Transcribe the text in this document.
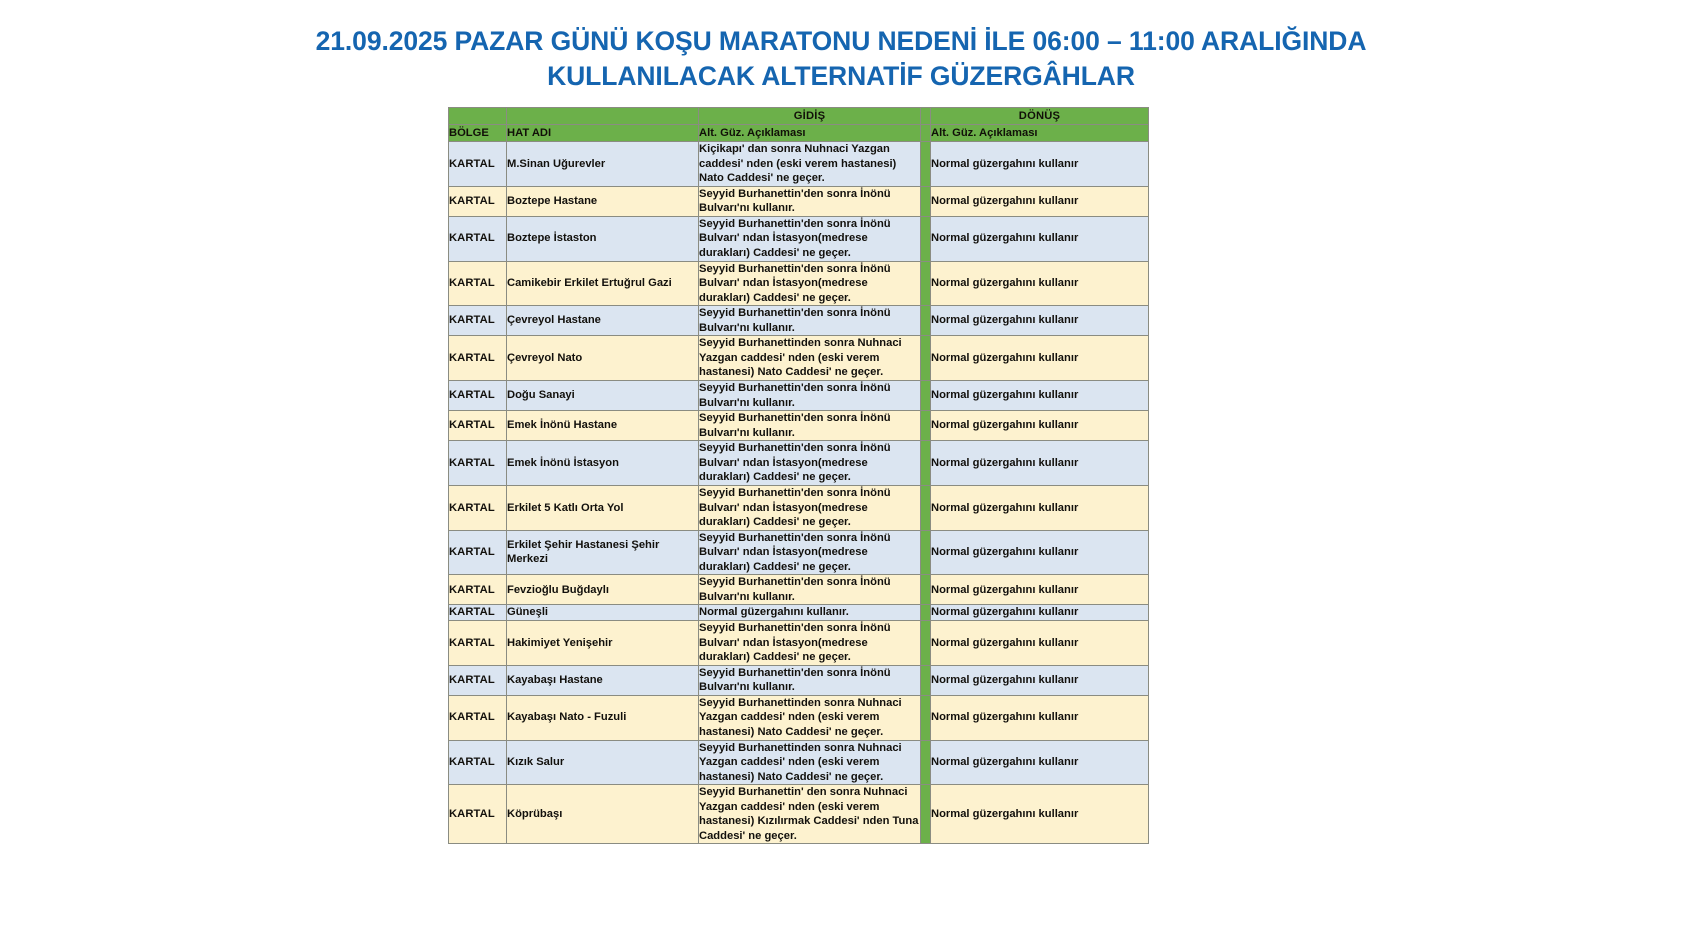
21.09.2025 PAZAR GÜNÜ KOŞU MARATONU NEDENİ İLE 06:00 – 11:00 ARALIĞINDA
KULLANILACAK ALTERNATİF GÜZERGÂHLAR
		GİDİŞ		DÖNÜŞ
BÖLGE	HAT ADI	Alt. Güz. Açıklaması		Alt. Güz. Açıklaması
KARTAL	M.Sinan Uğurevler	Kiçikapı' dan sonra Nuhnaci Yazgan caddesi' nden (eski verem hastanesi) Nato Caddesi' ne geçer.		Normal güzergahını kullanır
KARTAL	Boztepe Hastane	Seyyid Burhanettin'den sonra İnönü Bulvarı'nı kullanır.		Normal güzergahını kullanır
KARTAL	Boztepe İstaston	Seyyid Burhanettin'den sonra İnönü Bulvarı' ndan İstasyon(medrese durakları) Caddesi' ne geçer.		Normal güzergahını kullanır
KARTAL	Camikebir Erkilet Ertuğrul Gazi	Seyyid Burhanettin'den sonra İnönü Bulvarı' ndan İstasyon(medrese durakları) Caddesi' ne geçer.		Normal güzergahını kullanır
KARTAL	Çevreyol Hastane	Seyyid Burhanettin'den sonra İnönü Bulvarı'nı kullanır.		Normal güzergahını kullanır
KARTAL	Çevreyol Nato	Seyyid Burhanettinden sonra Nuhnaci Yazgan caddesi' nden (eski verem hastanesi) Nato Caddesi' ne geçer.		Normal güzergahını kullanır
KARTAL	Doğu Sanayi	Seyyid Burhanettin'den sonra İnönü Bulvarı'nı kullanır.		Normal güzergahını kullanır
KARTAL	Emek İnönü Hastane	Seyyid Burhanettin'den sonra İnönü Bulvarı'nı kullanır.		Normal güzergahını kullanır
KARTAL	Emek İnönü İstasyon	Seyyid Burhanettin'den sonra İnönü Bulvarı' ndan İstasyon(medrese durakları) Caddesi' ne geçer.		Normal güzergahını kullanır
KARTAL	Erkilet 5 Katlı Orta Yol	Seyyid Burhanettin'den sonra İnönü Bulvarı' ndan İstasyon(medrese durakları) Caddesi' ne geçer.		Normal güzergahını kullanır
KARTAL	Erkilet Şehir Hastanesi Şehir Merkezi	Seyyid Burhanettin'den sonra İnönü Bulvarı' ndan İstasyon(medrese durakları) Caddesi' ne geçer.		Normal güzergahını kullanır
KARTAL	Fevzioğlu Buğdaylı	Seyyid Burhanettin'den sonra İnönü Bulvarı'nı kullanır.		Normal güzergahını kullanır
KARTAL	Güneşli	Normal güzergahını kullanır.		Normal güzergahını kullanır
KARTAL	Hakimiyet Yenişehir	Seyyid Burhanettin'den sonra İnönü Bulvarı' ndan İstasyon(medrese durakları) Caddesi' ne geçer.		Normal güzergahını kullanır
KARTAL	Kayabaşı Hastane	Seyyid Burhanettin'den sonra İnönü Bulvarı'nı kullanır.		Normal güzergahını kullanır
KARTAL	Kayabaşı Nato - Fuzuli	Seyyid Burhanettinden sonra Nuhnaci Yazgan caddesi' nden (eski verem hastanesi) Nato Caddesi' ne geçer.		Normal güzergahını kullanır
KARTAL	Kızık Salur	Seyyid Burhanettinden sonra Nuhnaci Yazgan caddesi' nden (eski verem hastanesi) Nato Caddesi' ne geçer.		Normal güzergahını kullanır
KARTAL	Köprübaşı	Seyyid Burhanettin' den sonra Nuhnaci Yazgan caddesi' nden (eski verem hastanesi) Kızılırmak Caddesi' nden Tuna Caddesi' ne geçer.		Normal güzergahını kullanır
